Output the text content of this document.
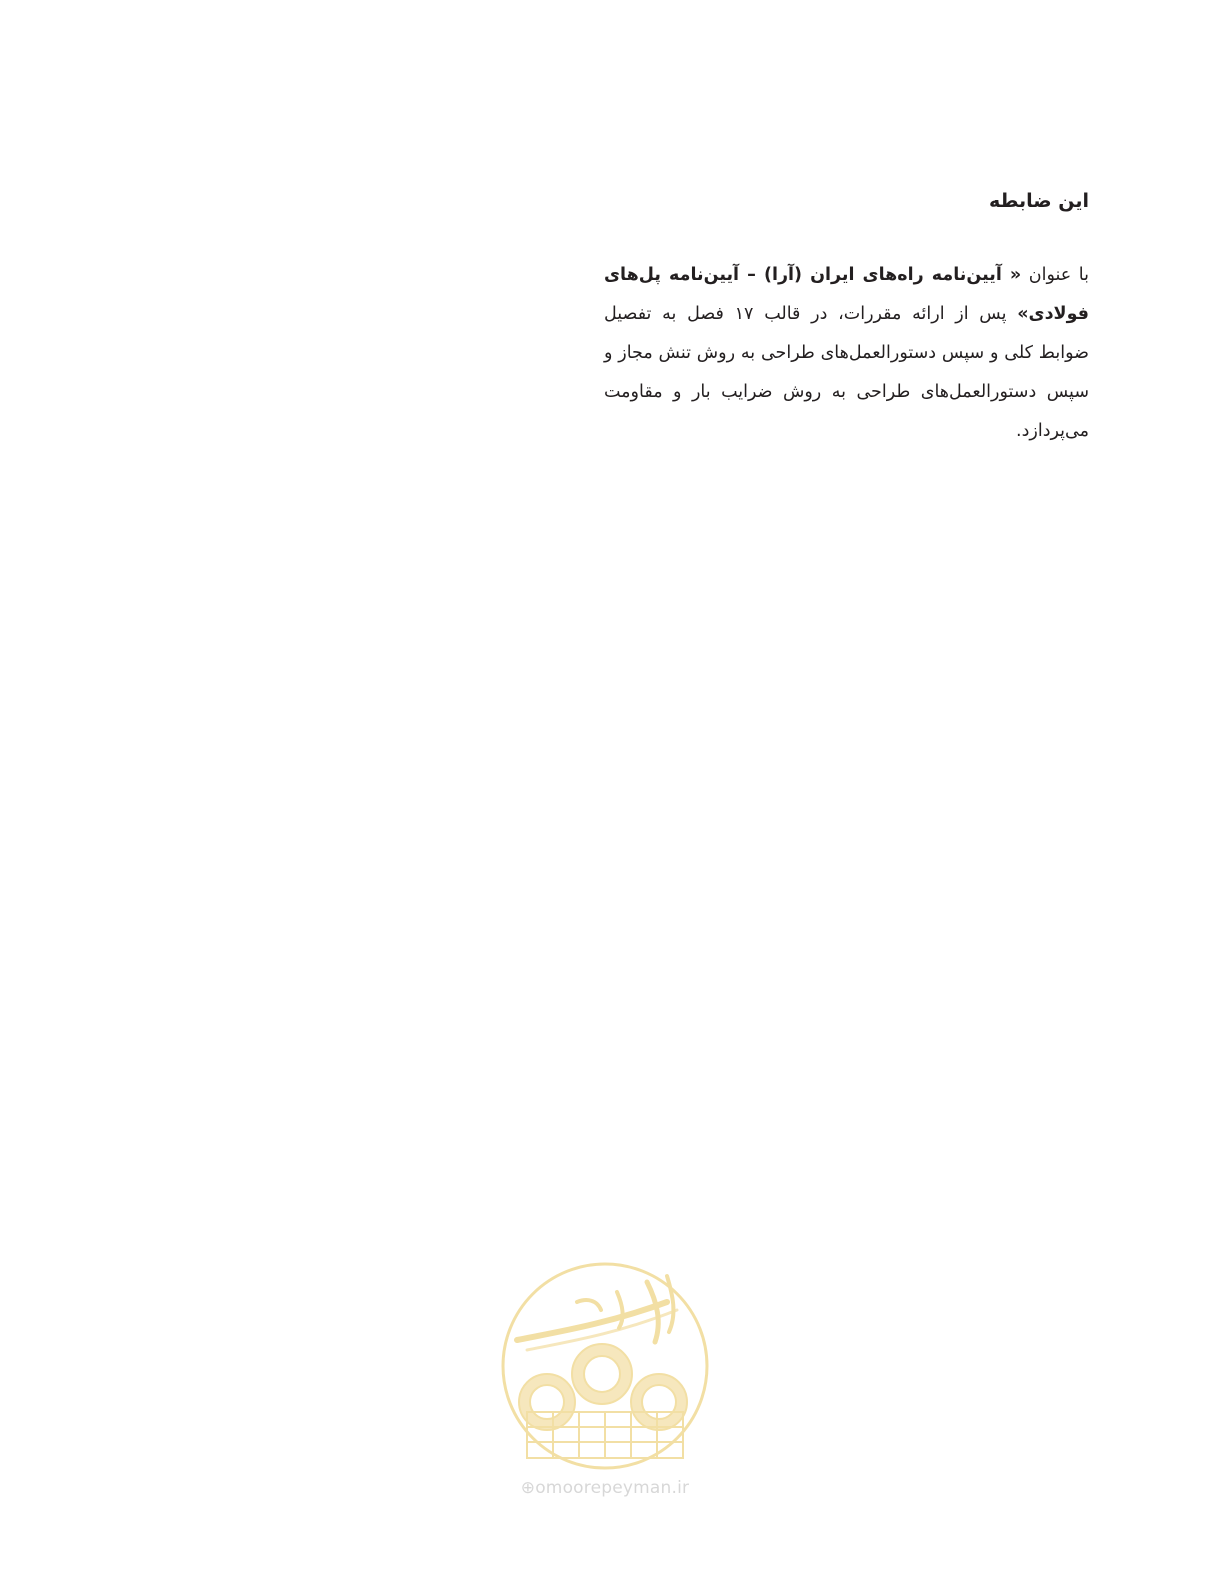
این ضابطه

با عنوان « آیین‌نامه راه‌های ایران (آرا) – آیین‌نامه پل‌های فولادی» پس از ارائه مقررات، در قالب ۱۷ فصل به تفصیل ضوابط کلی و سپس دستورالعمل‌های طراحی به روش تنش مجاز و سپس دستورالعمل‌های طراحی به روش ضرایب بار و مقاومت می‌پردازد.

⊕omoorepeyman.ir
